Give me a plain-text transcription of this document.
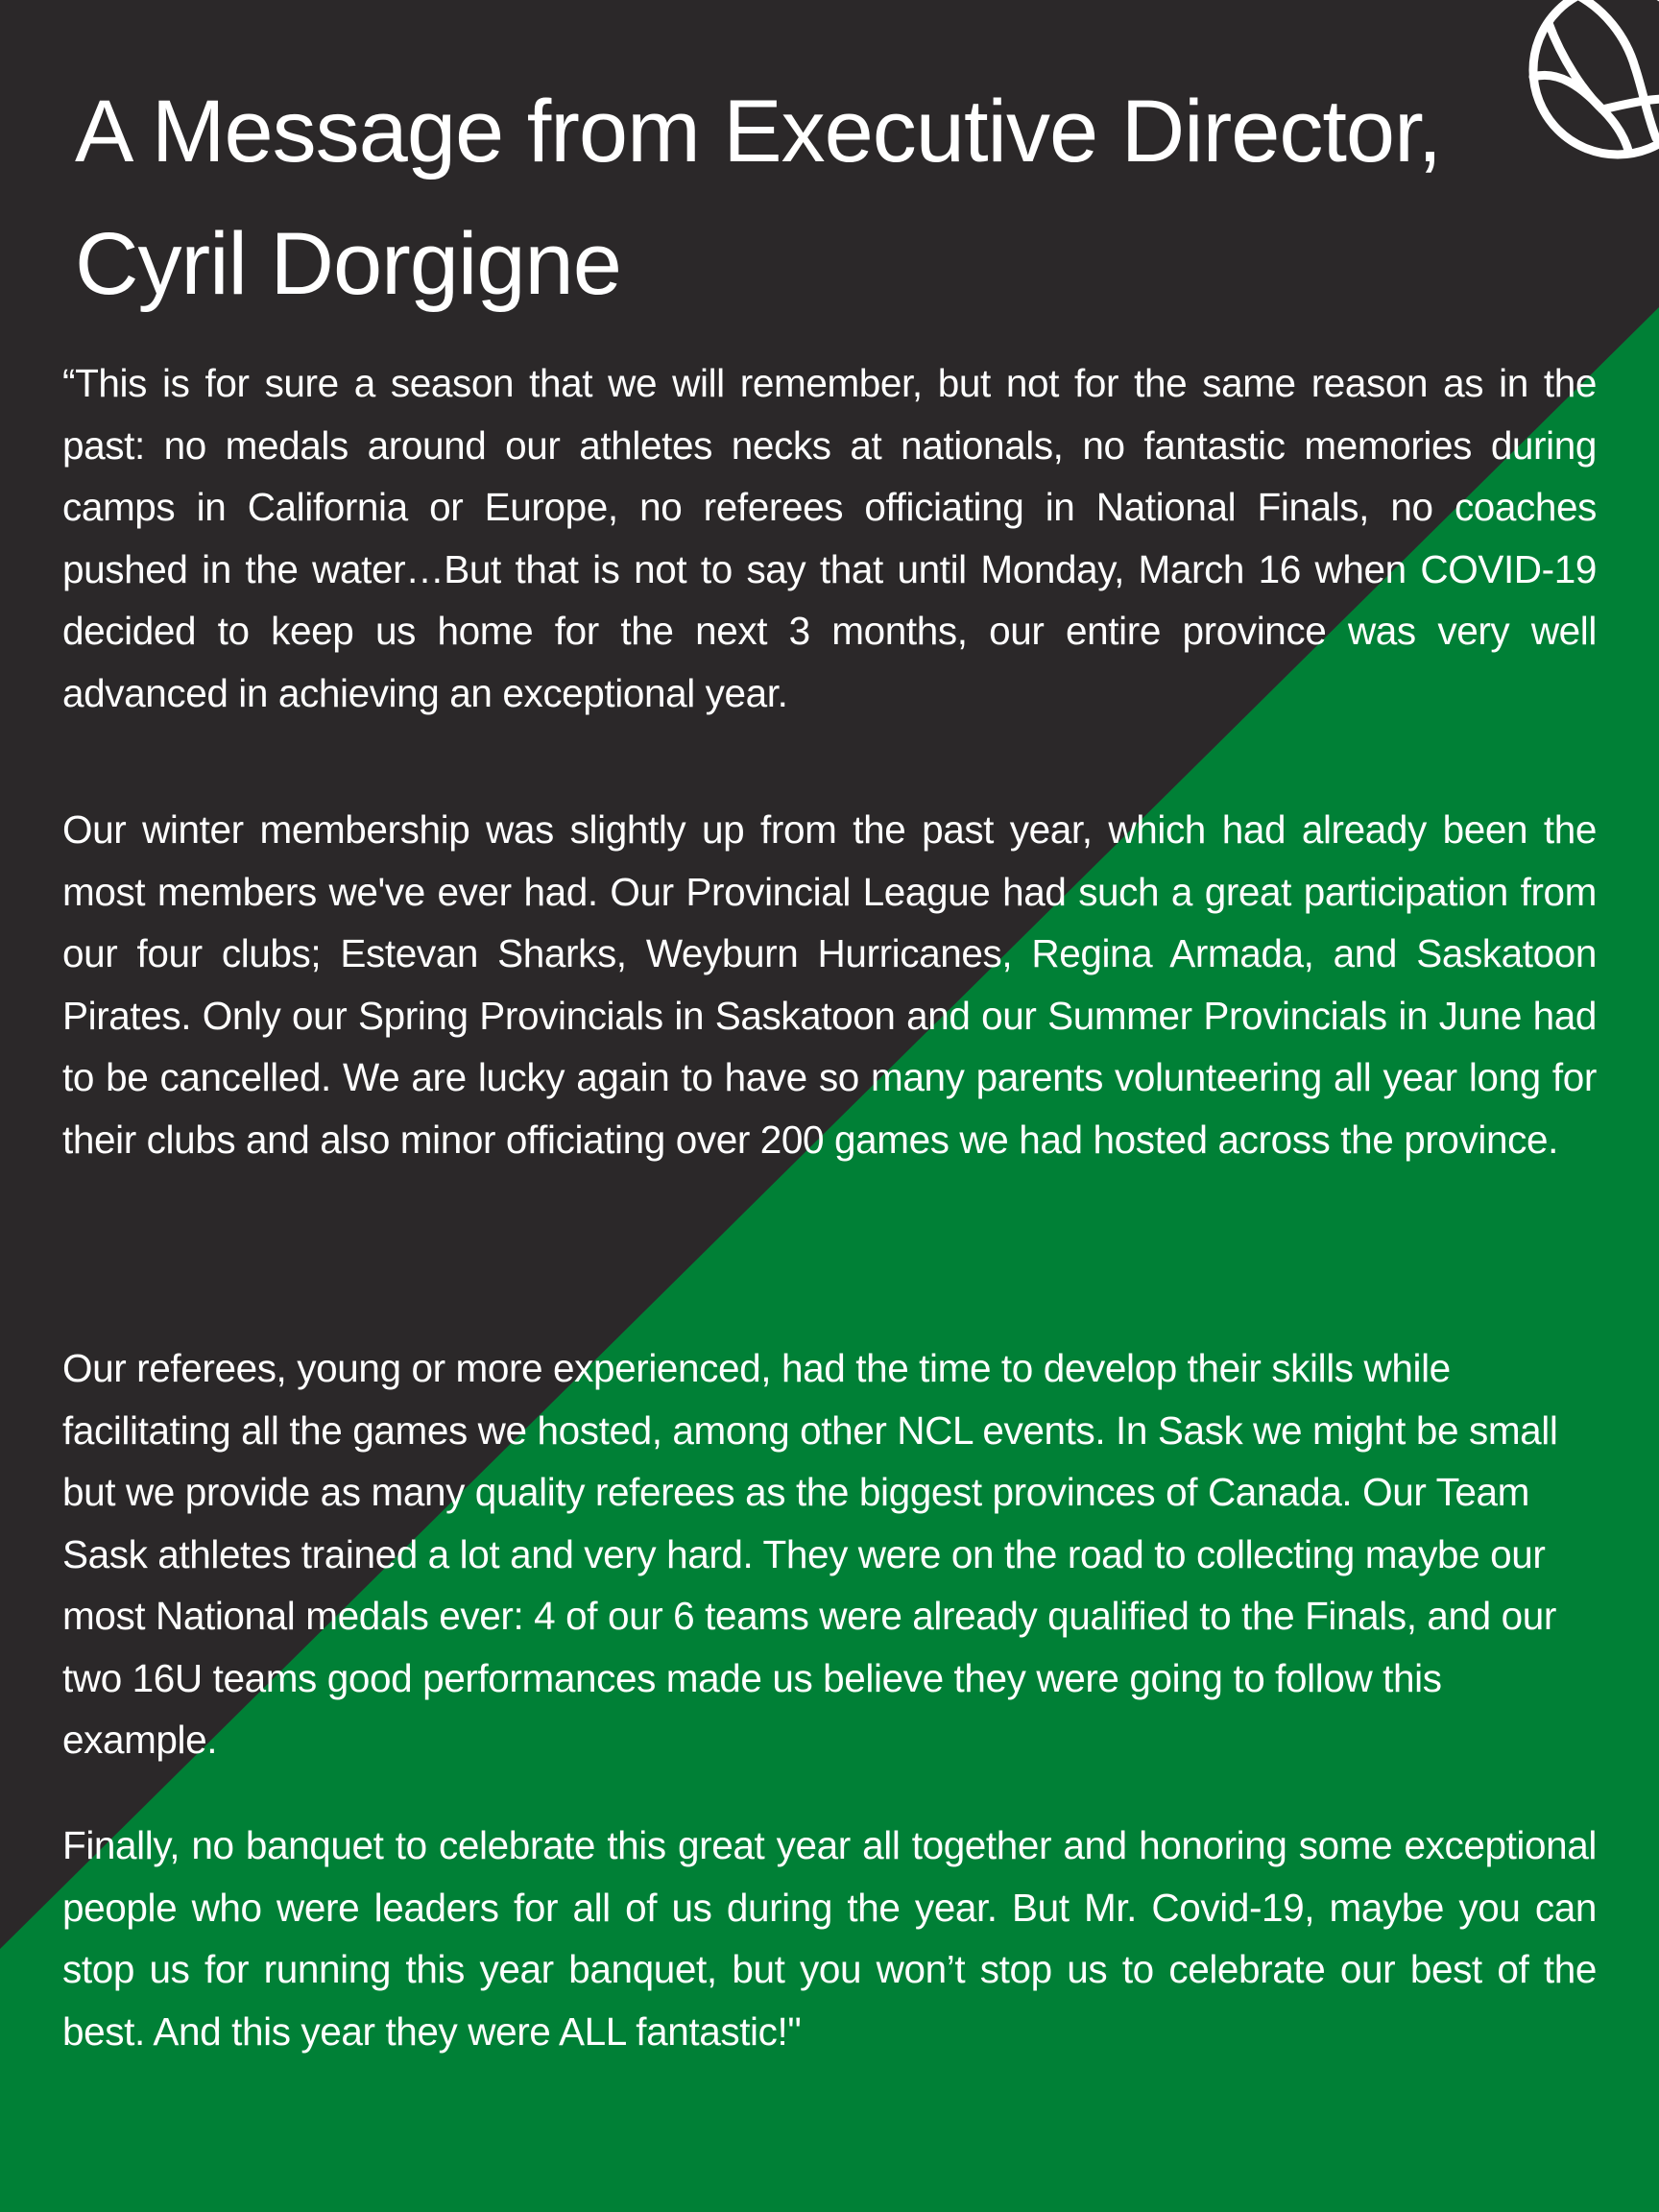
A Message from Executive Director,
Cyril Dorgigne

“This is for sure a season that we will remember, but not for the same reason as in the past: no medals around our athletes necks at nationals, no fantastic memories during camps in California or Europe, no referees officiating in National Finals, no coaches pushed in the water…But that is not to say that until Monday, March 16 when COVID-19 decided to keep us home for the next 3 months, our entire province was very well advanced in achieving an exceptional year.

Our winter membership was slightly up from the past year, which had already been the most members we've ever had. Our Provincial League had such a great participation from our four clubs; Estevan Sharks, Weyburn Hurricanes, Regina Armada, and Saskatoon Pirates. Only our Spring Provincials in Saskatoon and our Summer Provincials in June had to be cancelled. We are lucky again to have so many parents volunteering all year long for their clubs and also minor officiating over 200 games we had hosted across the province.

Our referees, young or more experienced, had the time to develop their skills while facilitating all the games we hosted, among other NCL events. In Sask we might be small but we provide as many quality referees as the biggest provinces of Canada. Our Team Sask athletes trained a lot and very hard. They were on the road to collecting maybe our most National medals ever: 4 of our 6 teams were already qualified to the Finals, and our two 16U teams good performances made us believe they were going to follow this example.

Finally, no banquet to celebrate this great year all together and honoring some exceptional people who were leaders for all of us during the year. But Mr. Covid-19, maybe you can stop us for running this year banquet, but you won’t stop us to celebrate our best of the best. And this year they were ALL fantastic!"
